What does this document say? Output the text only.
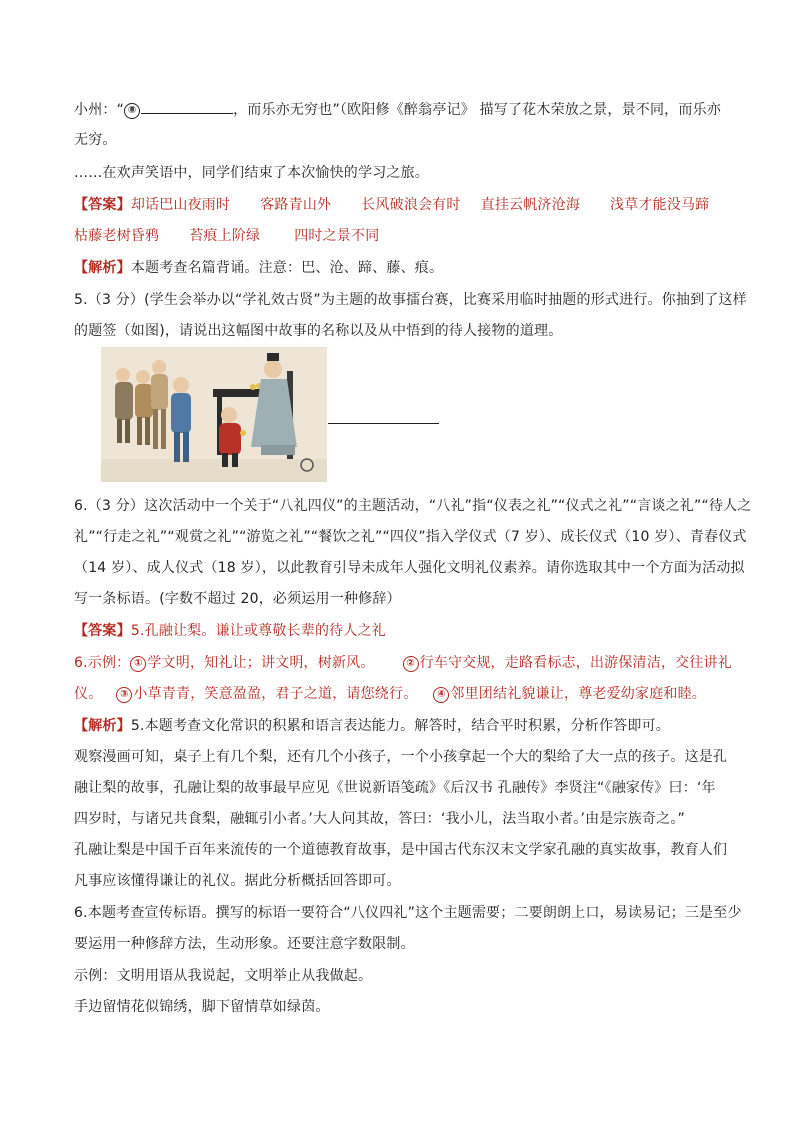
小州：“ ⑧	，而乐亦无穷也”（欧阳修《醉翁亭记》 描写了花木荣放之景，景不同，而乐亦
无穷。
……在欢声笑语中，同学们结束了本次愉快的学习之旅。
【答案】却话巴山夜雨时 客路青山外 长风破浪会有时 直挂云帆济沧海 浅草才能没马蹄
枯藤老树昏鸦 苔痕上阶绿 四时之景不同
【解析】本题考查名篇背诵。注意：巴、沧、蹄、藤、痕。
5.（3 分）(学生会举办以“学礼效古贤”为主题的故事擂台赛，比赛采用临时抽题的形式进行。你抽到了这样
的题签（如图)，请说出这幅图中故事的名称以及从中悟到的待人接物的道理。
6.（3 分）这次活动中一个关于“八礼四仪”的主题活动，“八礼”指“仪表之礼”“仪式之礼”“言谈之礼”“待人之
礼”“行走之礼”“观赏之礼”“游览之礼”“餐饮之礼”“四仪”指入学仪式（7 岁）、成长仪式（10 岁）、青春仪式
（14 岁）、成人仪式（18 岁），以此教育引导未成年人强化文明礼仪素养。请你选取其中一个方面为活动拟
写一条标语。(字数不超过 20，必须运用一种修辞）
【答案】5.孔融让梨。谦让或尊敬长辈的待人之礼
6.示例： ① 学文明，知礼让；讲文明，树新风。	② 行车守交规，走路看标志，出游保清洁，交往讲礼
仪。 ③ 小草青青，笑意盈盈，君子之道，请您绕行。 ④ 邻里团结礼貌谦让，尊老爱幼家庭和睦。
【解析】5.本题考查文化常识的积累和语言表达能力。解答时，结合平时积累，分析作答即可。
观察漫画可知，桌子上有几个梨，还有几个小孩子，一个小孩拿起一个大的梨给了大一点的孩子。这是孔
融让梨的故事，孔融让梨的故事最早应见《世说新语笺疏》《后汉书 孔融传》李贤注“《融家传》曰：‘年
四岁时，与诸兄共食梨，融辄引小者。’大人问其故，答曰：‘我小儿，法当取小者。’由是宗族奇之。”
孔融让梨是中国千百年来流传的一个道德教育故事，是中国古代东汉末文学家孔融的真实故事，教育人们
凡事应该懂得谦让的礼仪。据此分析概括回答即可。
6.本题考查宣传标语。撰写的标语一要符合“八仪四礼”这个主题需要；二要朗朗上口，易读易记；三是至少
要运用一种修辞方法，生动形象。还要注意字数限制。
示例：文明用语从我说起，文明举止从我做起。
手边留情花似锦绣，脚下留情草如绿茵。
